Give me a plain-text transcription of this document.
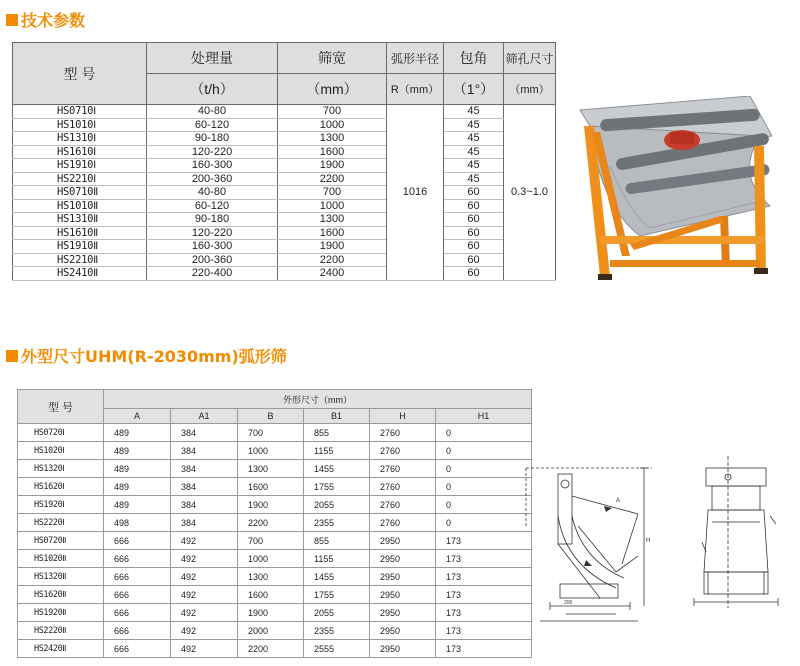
技术参数
型 号	处理量	筛宽	弧形半径	包角	筛孔尺寸
	（t/h）	（mm）	R（mm）	（1°）	（mm）
HS0710Ⅰ	40-80	700	1016	45	0.3~1.0
HS1010Ⅰ	60-120	1000		45	
HS1310Ⅰ	90-180	1300		45	
HS1610Ⅰ	120-220	1600		45	
HS1910Ⅰ	160-300	1900		45	
HS2210Ⅰ	200-360	2200		45	
HS0710Ⅱ	40-80	700		60	
HS1010Ⅱ	60-120	1000		60	
HS1310Ⅱ	90-180	1300		60	
HS1610Ⅱ	120-220	1600		60	
HS1910Ⅱ	160-300	1900		60	
HS2210Ⅱ	200-360	2200		60	
HS2410Ⅱ	220-400	2400		60	
外型尺寸UHM(R-2030mm)弧形筛
型 号	外形尺寸（mm）					
	A	A1	B	B1	H	H1
HS0720Ⅰ	489	384	700	855	2760	0
HS1020Ⅰ	489	384	1000	1155	2760	0
HS1320Ⅰ	489	384	1300	1455	2760	0
HS1620Ⅰ	489	384	1600	1755	2760	0
HS1920Ⅰ	489	384	1900	2055	2760	0
HS2220Ⅰ	498	384	2200	2355	2760	0
HS0720Ⅱ	666	492	700	855	2950	173
HS1020Ⅱ	666	492	1000	1155	2950	173
HS1320Ⅱ	666	492	1300	1455	2950	173
HS1620Ⅱ	666	492	1600	1755	2950	173
HS1920Ⅱ	666	492	1900	2055	2950	173
HS2220Ⅱ	666	492	2000	2355	2950	173
HS2420Ⅱ	666	492	2200	2555	2950	173
A
H
200
